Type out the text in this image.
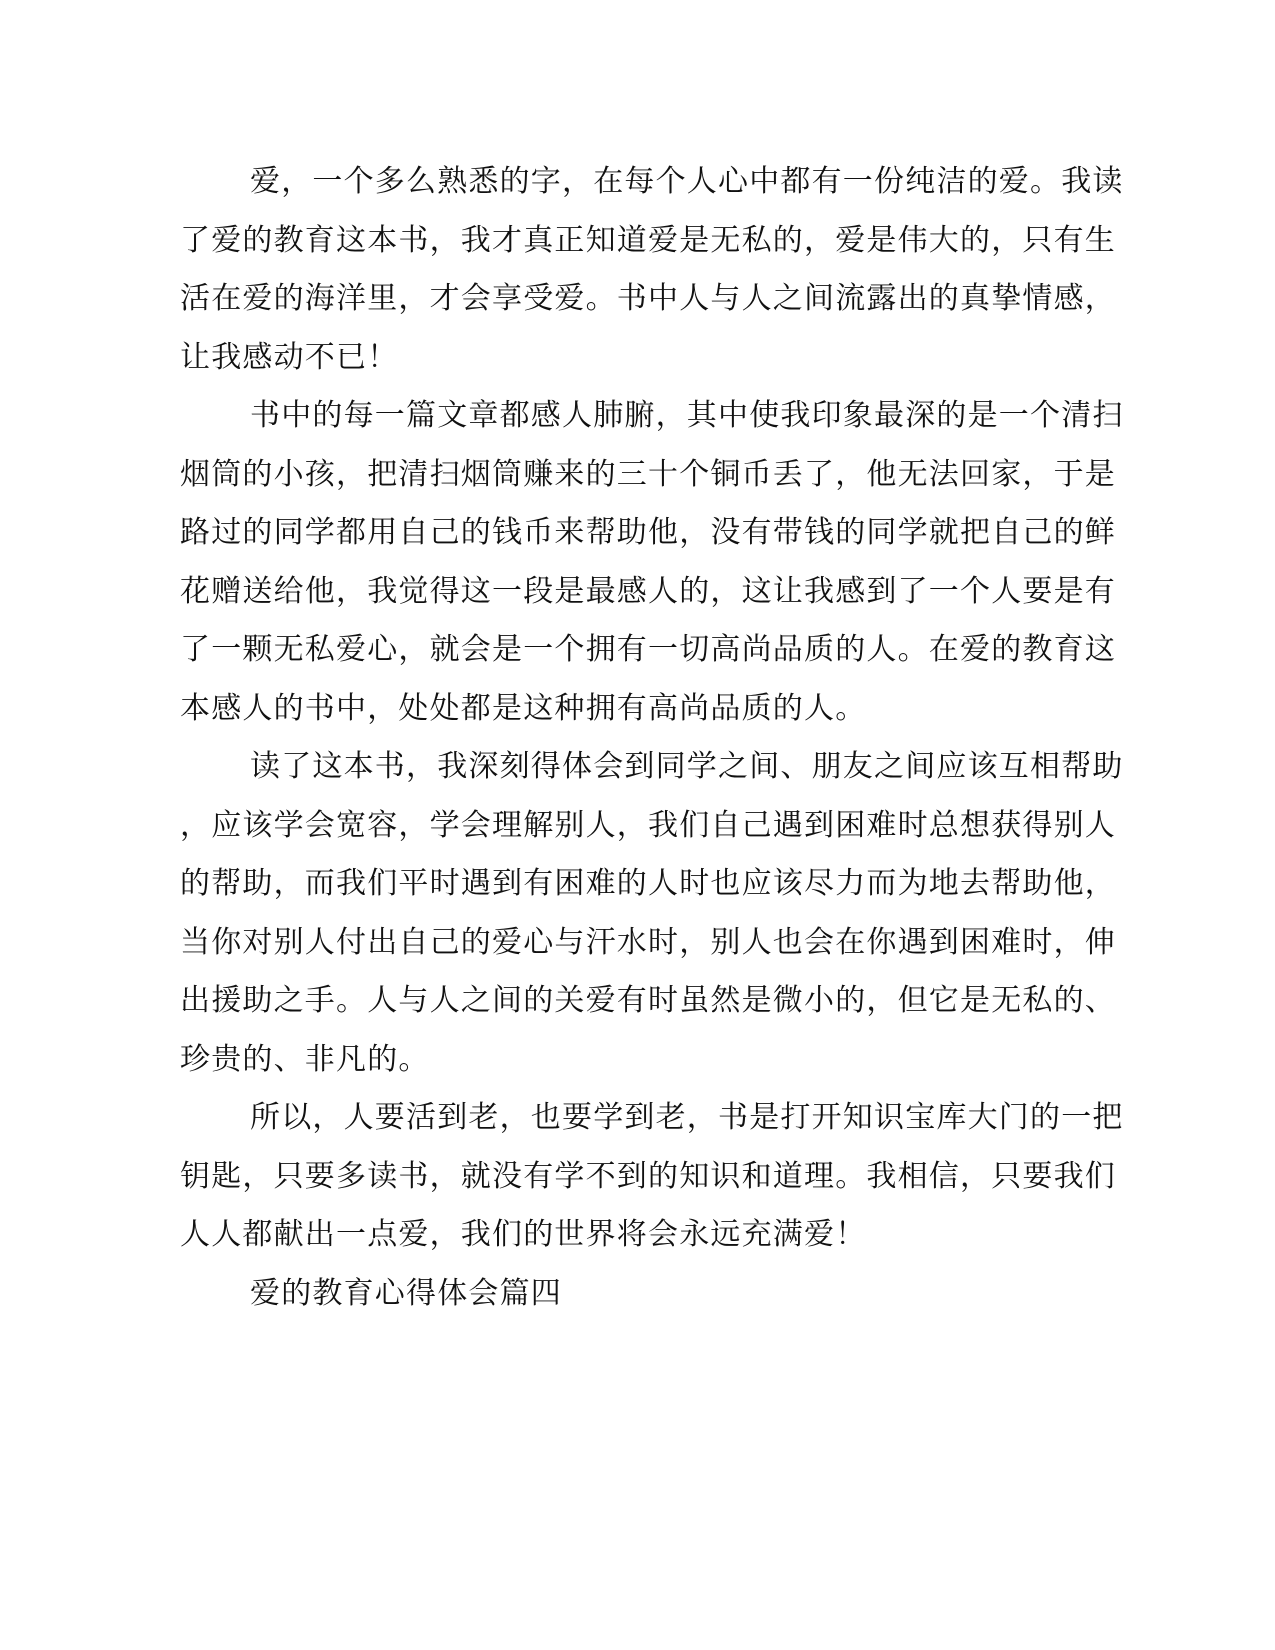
爱，一个多么熟悉的字，在每个人心中都有一份纯洁的爱。我读

了爱的教育这本书，我才真正知道爱是无私的，爱是伟大的，只有生

活在爱的海洋里，才会享受爱。书中人与人之间流露出的真挚情感，

让我感动不已！

书中的每一篇文章都感人肺腑，其中使我印象最深的是一个清扫

烟筒的小孩，把清扫烟筒赚来的三十个铜币丢了，他无法回家，于是

路过的同学都用自己的钱币来帮助他，没有带钱的同学就把自己的鲜

花赠送给他，我觉得这一段是最感人的，这让我感到了一个人要是有

了一颗无私爱心，就会是一个拥有一切高尚品质的人。在爱的教育这

本感人的书中，处处都是这种拥有高尚品质的人。

读了这本书，我深刻得体会到同学之间、朋友之间应该互相帮助

，应该学会宽容，学会理解别人，我们自己遇到困难时总想获得别人

的帮助，而我们平时遇到有困难的人时也应该尽力而为地去帮助他，

当你对别人付出自己的爱心与汗水时，别人也会在你遇到困难时，伸

出援助之手。人与人之间的关爱有时虽然是微小的，但它是无私的、

珍贵的、非凡的。

所以，人要活到老，也要学到老，书是打开知识宝库大门的一把

钥匙，只要多读书，就没有学不到的知识和道理。我相信，只要我们

人人都献出一点爱，我们的世界将会永远充满爱！

爱的教育心得体会篇四
